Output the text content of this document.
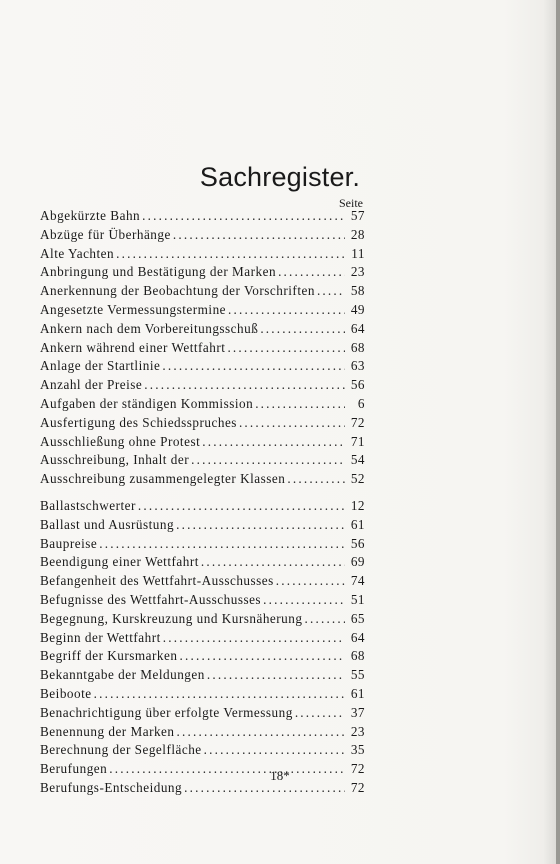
Sachregister.
Seite
Abgekürzte Bahn .....	57
Abzüge für Überhänge .....	28
Alte Yachten .....	11
Anbringung und Bestätigung der Marken .....	23
Anerkennung der Beobachtung der Vorschriften .....	58
Angesetzte Vermessungstermine .....	49
Ankern nach dem Vorbereitungsschuß .....	64
Ankern während einer Wettfahrt .....	68
Anlage der Startlinie .....	63
Anzahl der Preise .....	56
Aufgaben der ständigen Kommission .....	6
Ausfertigung des Schiedsspruches .....	72
Ausschließung ohne Protest .....	71
Ausschreibung, Inhalt der .....	54
Ausschreibung zusammengelegter Klassen .....	52
Ballastschwerter .....	12
Ballast und Ausrüstung .....	61
Baupreise .....	56
Beendigung einer Wettfahrt .....	69
Befangenheit des Wettfahrt-Ausschusses .....	74
Befugnisse des Wettfahrt-Ausschusses .....	51
Begegnung, Kurskreuzung und Kursnäherung .....	65
Beginn der Wettfahrt .....	64
Begriff der Kursmarken .....	68
Bekanntgabe der Meldungen .....	55
Beiboote .....	61
Benachrichtigung über erfolgte Vermessung .....	37
Benennung der Marken .....	23
Berechnung der Segelfläche .....	35
Berufungen .....	72
Berufungs-Entscheidung .....	72
18*
